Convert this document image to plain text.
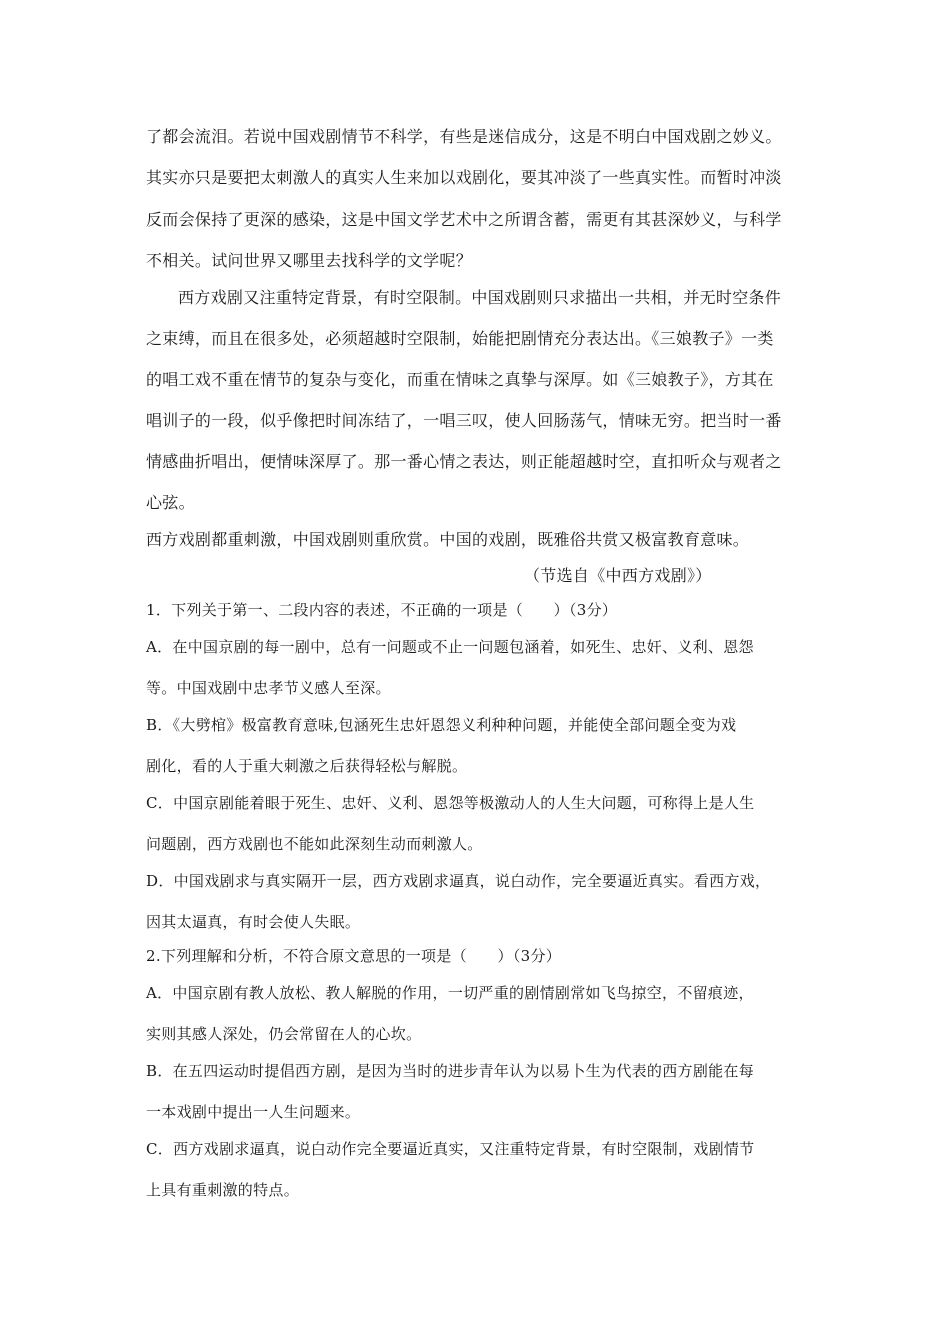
了都会流泪。若说中国戏剧情节不科学，有些是迷信成分，这是不明白中国戏剧之妙义。
其实亦只是要把太刺激人的真实人生来加以戏剧化，要其冲淡了一些真实性。而暂时冲淡
反而会保持了更深的感染，这是中国文学艺术中之所谓含蓄，需更有其甚深妙义，与科学
不相关。试问世界又哪里去找科学的文学呢？
西方戏剧又注重特定背景，有时空限制。中国戏剧则只求描出一共相，并无时空条件
之束缚，而且在很多处，必须超越时空限制，始能把剧情充分表达出。《三娘教子》一类
的唱工戏不重在情节的复杂与变化，而重在情味之真挚与深厚。如《三娘教子》，方其在
唱训子的一段，似乎像把时间冻结了，一唱三叹，使人回肠荡气，情味无穷。把当时一番
情感曲折唱出，便情味深厚了。那一番心情之表达，则正能超越时空，直扣听众与观者之
心弦。
西方戏剧都重刺激，中国戏剧则重欣赏。中国的戏剧，既雅俗共赏又极富教育意味。
（节选自《中西方戏剧》）
1．下列关于第一、二段内容的表述，不正确的一项是（　　）（3分）
A．在中国京剧的每一剧中，总有一问题或不止一问题包涵着，如死生、忠奸、义利、恩怨
等。中国戏剧中忠孝节义感人至深。
B．《大劈棺》极富教育意味,包涵死生忠奸恩怨义利种种问题，并能使全部问题全变为戏
剧化，看的人于重大刺激之后获得轻松与解脱。
C．中国京剧能着眼于死生、忠奸、义利、恩怨等极激动人的人生大问题，可称得上是人生
问题剧，西方戏剧也不能如此深刻生动而刺激人。
D．中国戏剧求与真实隔开一层，西方戏剧求逼真，说白动作，完全要逼近真实。看西方戏，
因其太逼真，有时会使人失眠。
2.下列理解和分析，不符合原文意思的一项是（　　）（3分）
A．中国京剧有教人放松、教人解脱的作用，一切严重的剧情剧常如飞鸟掠空，不留痕迹，
实则其感人深处，仍会常留在人的心坎。
B．在五四运动时提倡西方剧，是因为当时的进步青年认为以易卜生为代表的西方剧能在每
一本戏剧中提出一人生问题来。
C．西方戏剧求逼真，说白动作完全要逼近真实，又注重特定背景，有时空限制，戏剧情节
上具有重刺激的特点。
